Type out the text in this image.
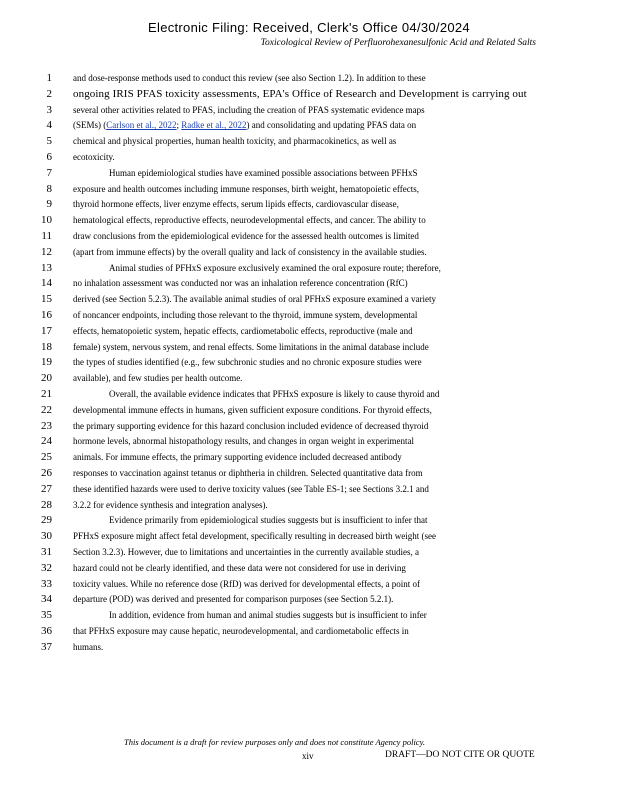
Electronic Filing: Received, Clerk's Office 04/30/2024
Toxicological Review of Perfluorohexanesulfonic Acid and Related Salts
1 and dose-response methods used to conduct this review (see also Section 1.2). In addition to these
2 ongoing IRIS PFAS toxicity assessments, EPA's Office of Research and Development is carrying out
3 several other activities related to PFAS, including the creation of PFAS systematic evidence maps
4 (SEMs) (Carlson et al., 2022; Radke et al., 2022) and consolidating and updating PFAS data on
5 chemical and physical properties, human health toxicity, and pharmacokinetics, as well as
6 ecotoxicity.
7	Human epidemiological studies have examined possible associations between PFHxS
8 exposure and health outcomes including immune responses, birth weight, hematopoietic effects,
9 thyroid hormone effects, liver enzyme effects, serum lipids effects, cardiovascular disease,
10 hematological effects, reproductive effects, neurodevelopmental effects, and cancer. The ability to
11 draw conclusions from the epidemiological evidence for the assessed health outcomes is limited
12 (apart from immune effects) by the overall quality and lack of consistency in the available studies.
13	Animal studies of PFHxS exposure exclusively examined the oral exposure route; therefore,
14 no inhalation assessment was conducted nor was an inhalation reference concentration (RfC)
15 derived (see Section 5.2.3). The available animal studies of oral PFHxS exposure examined a variety
16 of noncancer endpoints, including those relevant to the thyroid, immune system, developmental
17 effects, hematopoietic system, hepatic effects, cardiometabolic effects, reproductive (male and
18 female) system, nervous system, and renal effects. Some limitations in the animal database include
19 the types of studies identified (e.g., few subchronic studies and no chronic exposure studies were
20 available), and few studies per health outcome.
21	Overall, the available evidence indicates that PFHxS exposure is likely to cause thyroid and
22 developmental immune effects in humans, given sufficient exposure conditions. For thyroid effects,
23 the primary supporting evidence for this hazard conclusion included evidence of decreased thyroid
24 hormone levels, abnormal histopathology results, and changes in organ weight in experimental
25 animals. For immune effects, the primary supporting evidence included decreased antibody
26 responses to vaccination against tetanus or diphtheria in children. Selected quantitative data from
27 these identified hazards were used to derive toxicity values (see Table ES-1; see Sections 3.2.1 and
28 3.2.2 for evidence synthesis and integration analyses).
29	Evidence primarily from epidemiological studies suggests but is insufficient to infer that
30 PFHxS exposure might affect fetal development, specifically resulting in decreased birth weight (see
31 Section 3.2.3). However, due to limitations and uncertainties in the currently available studies, a
32 hazard could not be clearly identified, and these data were not considered for use in deriving
33 toxicity values. While no reference dose (RfD) was derived for developmental effects, a point of
34 departure (POD) was derived and presented for comparison purposes (see Section 5.2.1).
35	In addition, evidence from human and animal studies suggests but is insufficient to infer
36 that PFHxS exposure may cause hepatic, neurodevelopmental, and cardiometabolic effects in
37 humans.
This document is a draft for review purposes only and does not constitute Agency policy.
xiv	DRAFT—DO NOT CITE OR QUOTE
